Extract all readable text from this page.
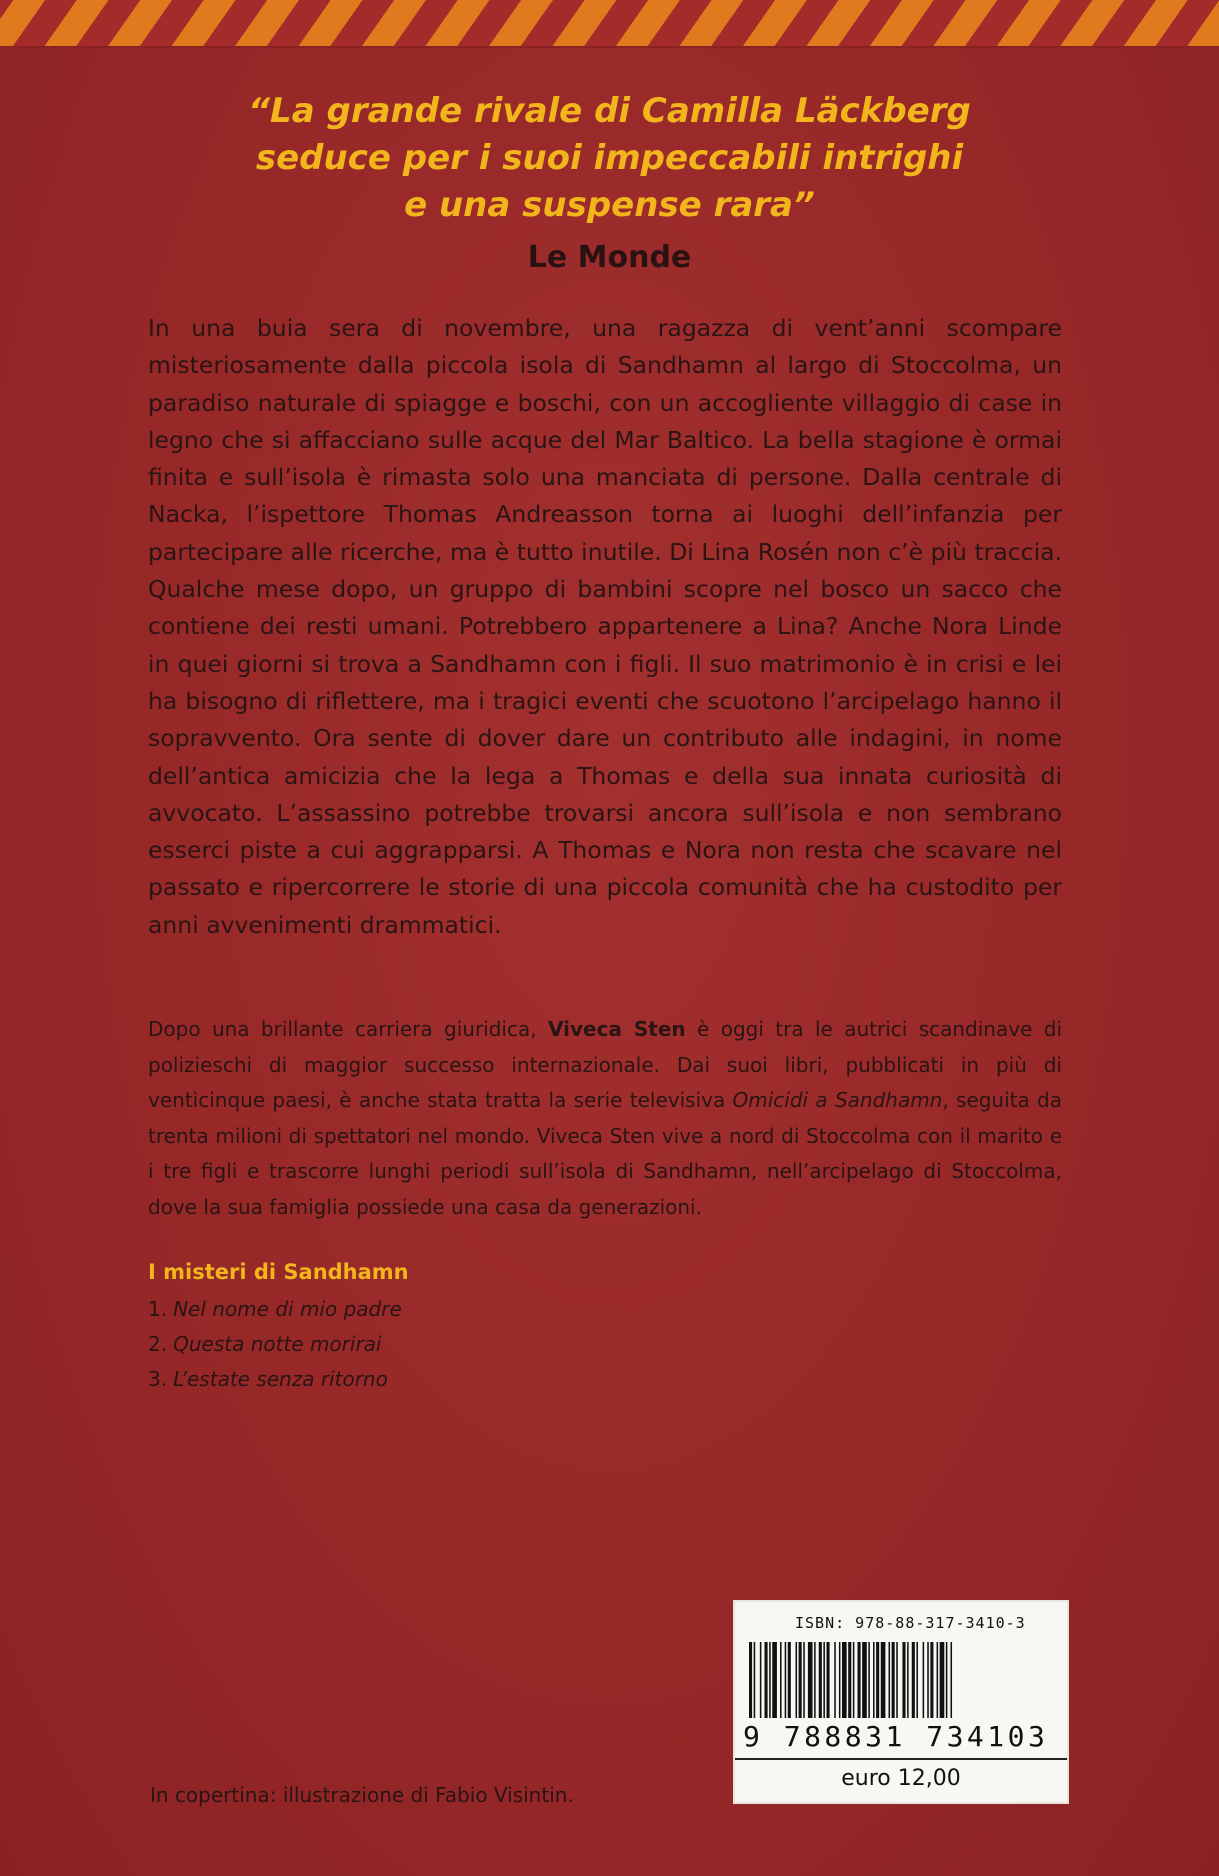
“La grande rivale di Camilla Läckberg
seduce per i suoi impeccabili intrighi
e una suspense rara”
Le Monde

In una buia sera di novembre, una ragazza di vent’anni scompare misteriosamente dalla piccola isola di Sandhamn al largo di Stoccolma, un paradiso naturale di spiagge e boschi, con un accogliente villaggio di case in legno che si affacciano sulle acque del Mar Baltico. La bella stagione è ormai finita e sull’isola è rimasta solo una manciata di persone. Dalla centrale di Nacka, l’ispettore Thomas Andreasson torna ai luoghi dell’infanzia per partecipare alle ricerche, ma è tutto inutile. Di Lina Rosén non c’è più traccia. Qualche mese dopo, un gruppo di bambini scopre nel bosco un sacco che contiene dei resti umani. Potrebbero appartenere a Lina? Anche Nora Linde in quei giorni si trova a Sandhamn con i figli. Il suo matrimonio è in crisi e lei ha bisogno di riflettere, ma i tragici eventi che scuotono l’arcipelago hanno il sopravvento. Ora sente di dover dare un contributo alle indagini, in nome dell’antica amicizia che la lega a Thomas e della sua innata curiosità di avvocato. L’assassino potrebbe trovarsi ancora sull’isola e non sembrano esserci piste a cui aggrapparsi. A Thomas e Nora non resta che scavare nel passato e ripercorrere le storie di una piccola comunità che ha custodito per anni avvenimenti drammatici.

Dopo una brillante carriera giuridica, Viveca Sten è oggi tra le autrici scandinave di polizieschi di maggior successo internazionale. Dai suoi libri, pubblicati in più di venticinque paesi, è anche stata tratta la serie televisiva Omicidi a Sandhamn, seguita da trenta milioni di spettatori nel mondo. Viveca Sten vive a nord di Stoccolma con il marito e i tre figli e trascorre lunghi periodi sull’isola di Sandhamn, nell’arcipelago di Stoccolma, dove la sua famiglia possiede una casa da generazioni.

I misteri di Sandhamn
1. Nel nome di mio padre
2. Questa notte morirai
3. L’estate senza ritorno
ISBN: 978-88-317-3410-3
9 788831 734103
euro 12,00
In copertina: illustrazione di Fabio Visintin.
